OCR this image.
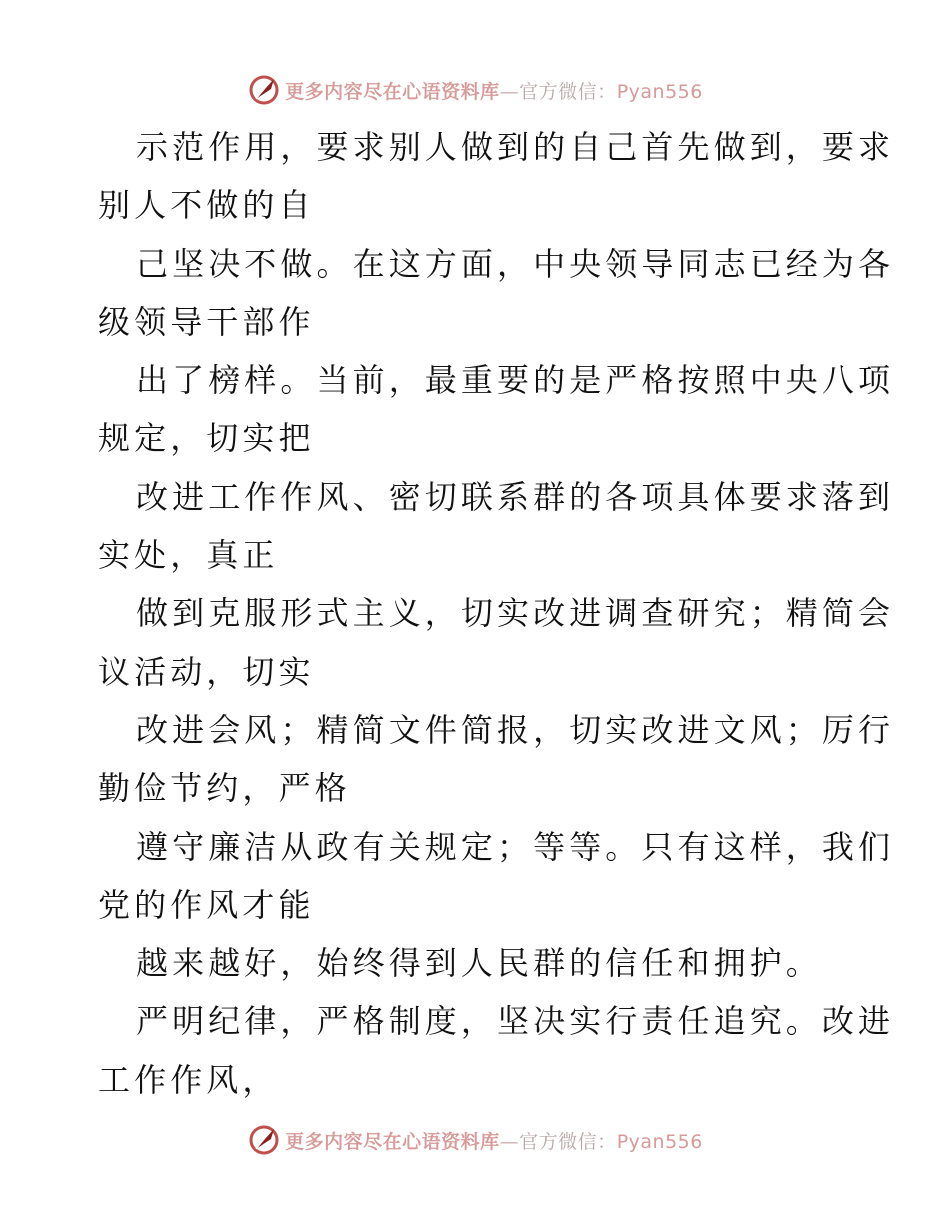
更多内容尽在心语资料库—官方微信：Pyan556
示范作用，要求别人做到的自己首先做到，要求
别人不做的自
己坚决不做。在这方面，中央领导同志已经为各
级领导干部作
出了榜样。当前，最重要的是严格按照中央八项
规定，切实把
改进工作作风、密切联系群的各项具体要求落到
实处，真正
做到克服形式主义，切实改进调查研究；精简会
议活动，切实
改进会风；精简文件简报，切实改进文风；厉行
勤俭节约，严格
遵守廉洁从政有关规定；等等。只有这样，我们
党的作风才能
越来越好，始终得到人民群的信任和拥护。
严明纪律，严格制度，坚决实行责任追究。改进
工作作风，
更多内容尽在心语资料库—官方微信：Pyan556
